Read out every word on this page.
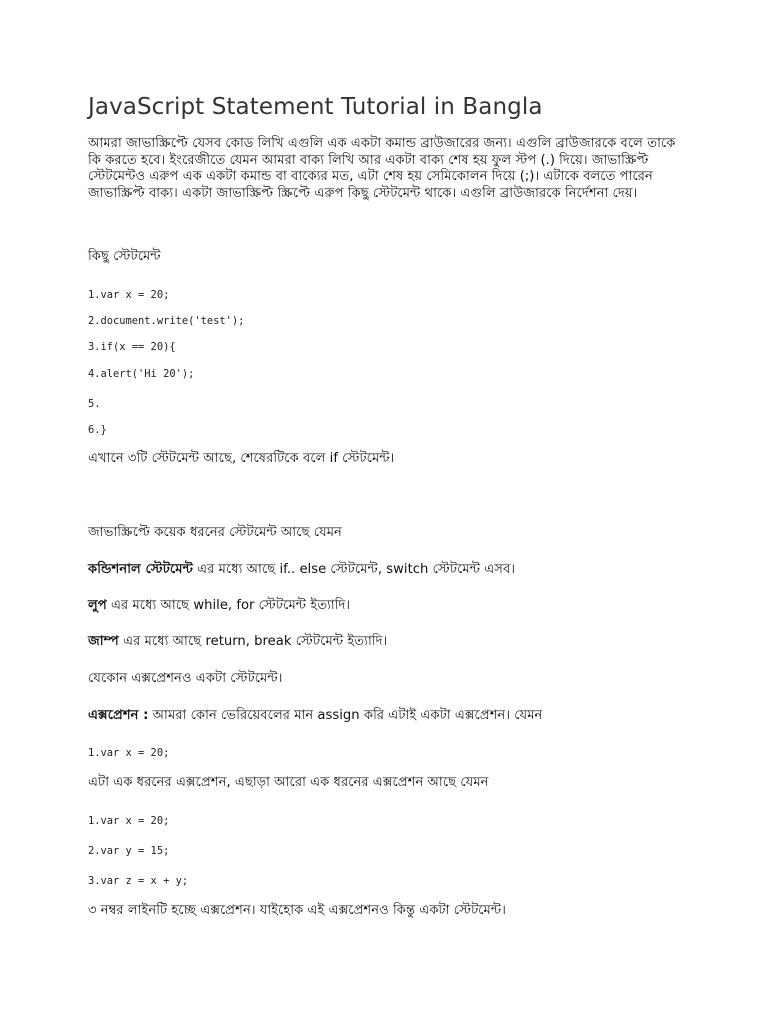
JavaScript Statement Tutorial in Bangla

আমরা জাভাস্ক্রিপ্টে যেসব কোড লিখি এগুলি এক একটা কমান্ড ব্রাউজারের জন্য। এগুলি ব্রাউজারকে বলে তাকে কি করতে হবে। ইংরেজীতে যেমন আমরা বাক্য লিখি আর একটা বাক্য শেষ হয় ফুল স্টপ (.) দিয়ে। জাভাস্ক্রিপ্ট স্টেটমেন্টও এরুপ এক একটা কমান্ড বা বাক্যের মত, এটা শেষ হয় সেমিকোলন দিয়ে (;)। এটাকে বলতে পারেন জাভাস্ক্রিপ্ট বাক্য। একটা জাভাস্ক্রিপ্ট স্ক্রিপ্টে এরুপ কিছু স্টেটমেন্ট থাকে। এগুলি ব্রাউজারকে নির্দেশনা দেয়।

কিছু স্টেটমেন্ট

1.var x = 20;
2.document.write('test');
3.if(x == 20){
4.alert('Hi 20');
5.
6.}

এখানে ৩টি স্টেটমেন্ট আছে, শেষেরটিকে বলে if স্টেটমেন্ট।

জাভাস্ক্রিপ্টে কয়েক ধরনের স্টেটমেন্ট আছে যেমন

কন্ডিশনাল স্টেটমেন্ট এর মধ্যে আছে if.. else স্টেটমেন্ট, switch স্টেটমেন্ট এসব।

লুপ এর মধ্যে আছে while, for স্টেটমেন্ট ইত্যাদি।

জাম্প এর মধ্যে আছে return, break স্টেটমেন্ট ইত্যাদি।

যেকোন এক্সপ্রেশনও একটা স্টেটমেন্ট।

এক্সপ্রেশন : আমরা কোন ভেরিয়েবলের মান assign করি এটাই একটা এক্সপ্রেশন। যেমন

1.var x = 20;

এটা এক ধরনের এক্সপ্রেশন, এছাড়া আরো এক ধরনের এক্সপ্রেশন আছে যেমন

1.var x = 20;
2.var y = 15;
3.var z = x + y;

৩ নম্বর লাইনটি হচ্ছে এক্সপ্রেশন। যাইহোক এই এক্সপ্রেশনও কিন্তু একটা স্টেটমেন্ট।
